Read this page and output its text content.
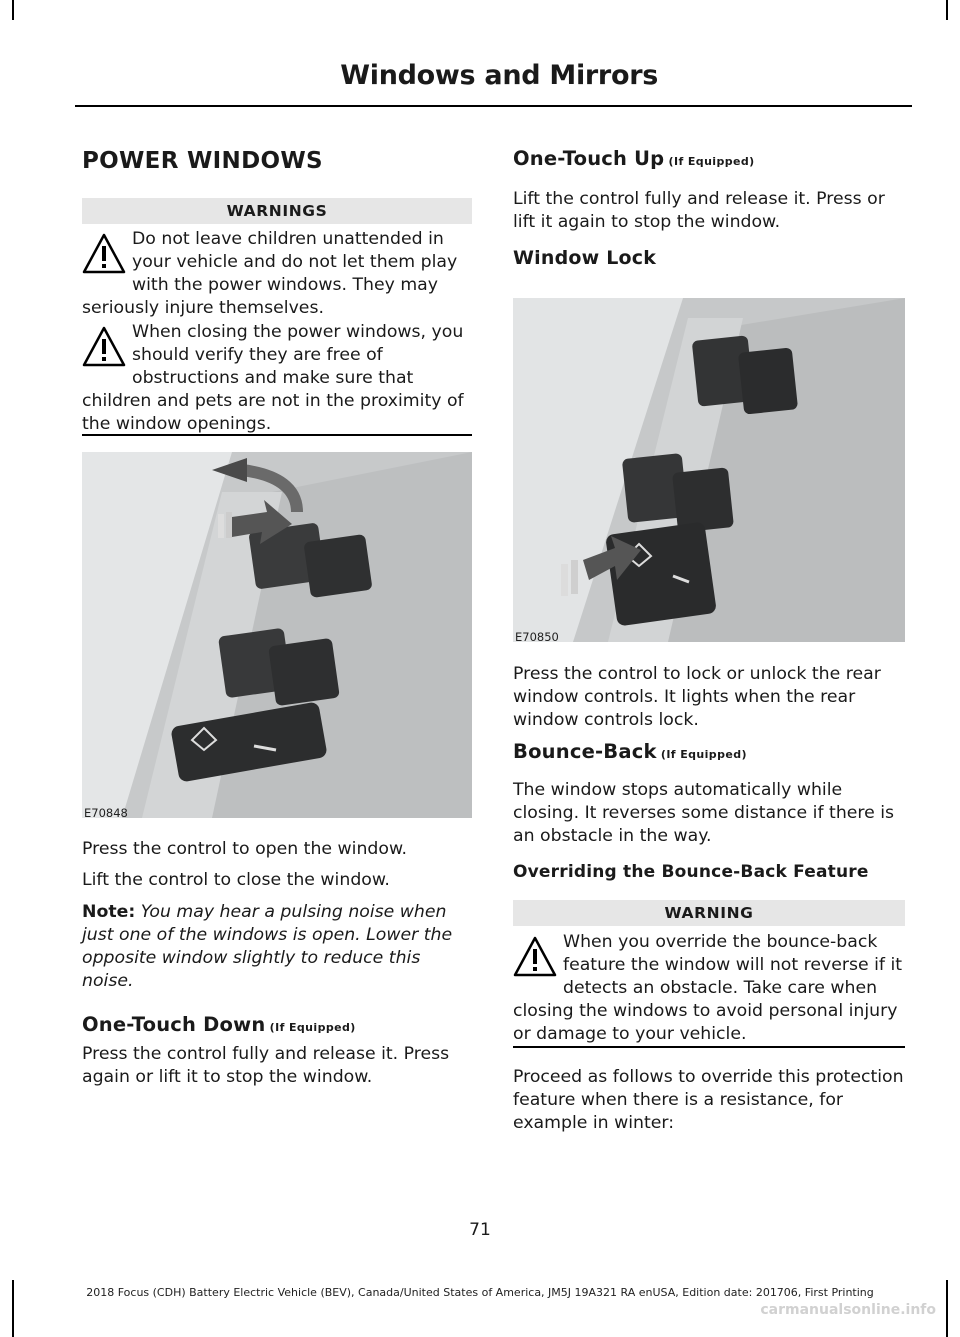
Windows and Mirrors
POWER WINDOWS
WARNINGS
Do not leave children unattended in your vehicle and do not let them play with the power windows. They may seriously injure themselves.
When closing the power windows, you should verify they are free of obstructions and make sure that children and pets are not in the proximity of the window openings.
E70848
Press the control to open the window.
Lift the control to close the window.
Note: You may hear a pulsing noise when just one of the windows is open. Lower the opposite window slightly to reduce this noise.
One-Touch Down (If Equipped)
Press the control fully and release it. Press again or lift it to stop the window.
One-Touch Up (If Equipped)
Lift the control fully and release it. Press or lift it again to stop the window.
Window Lock
E70850
Press the control to lock or unlock the rear window controls. It lights when the rear window controls lock.
Bounce-Back (If Equipped)
The window stops automatically while closing. It reverses some distance if there is an obstacle in the way.
Overriding the Bounce-Back Feature
WARNING
When you override the bounce-back feature the window will not reverse if it detects an obstacle. Take care when closing the windows to avoid personal injury or damage to your vehicle.
Proceed as follows to override this protection feature when there is a resistance, for example in winter:
71
2018 Focus (CDH) Battery Electric Vehicle (BEV), Canada/United States of America, JM5J 19A321 RA enUSA, Edition date: 201706, First Printing
carmanualsonline.info
